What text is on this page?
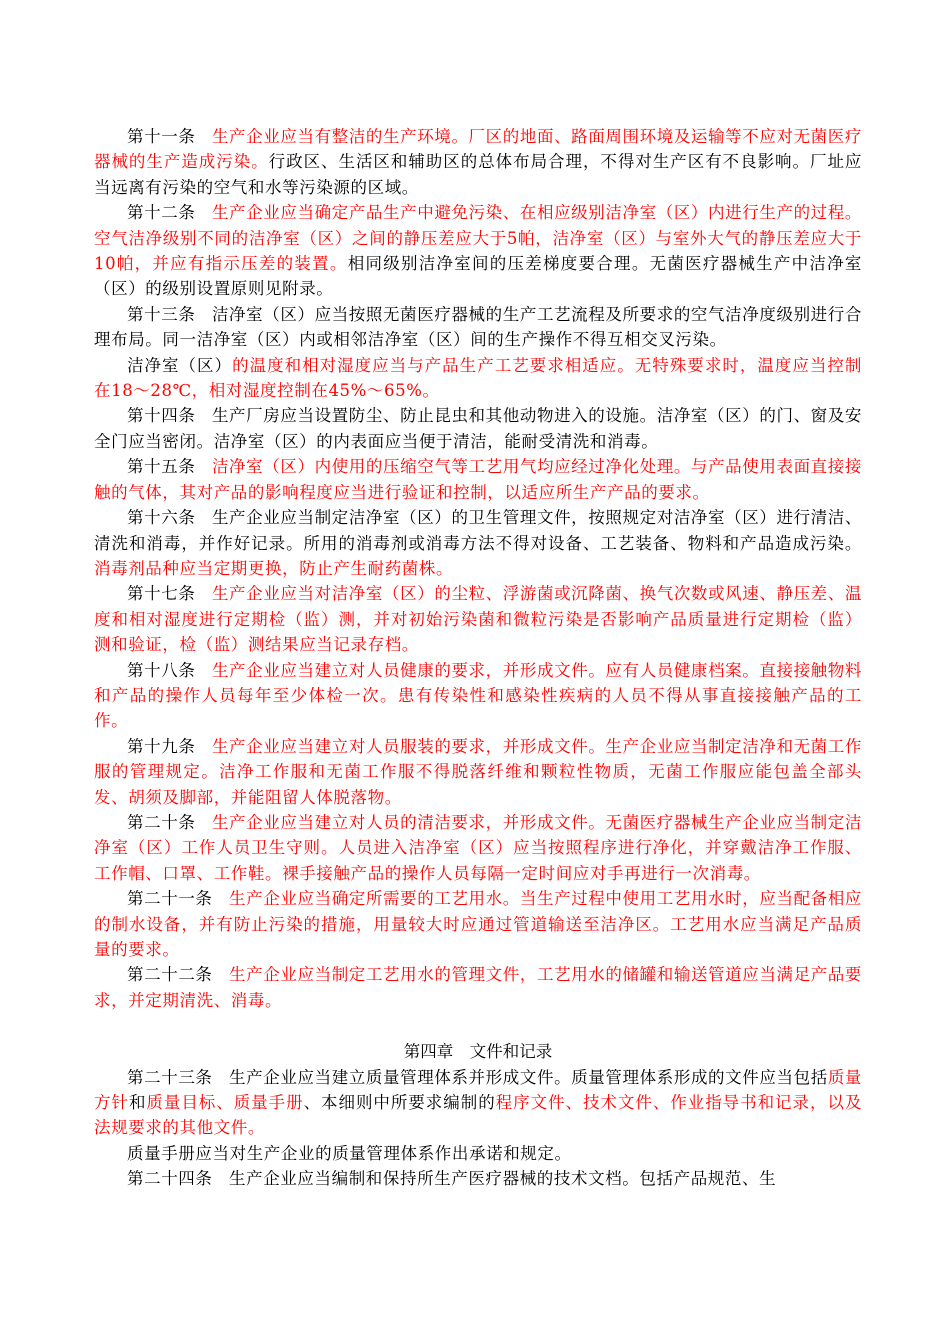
第十一条 生产企业应当有整洁的生产环境。厂区的地面、路面周围环境及运输等不应对无菌医疗器械的生产造成污染。行政区、生活区和辅助区的总体布局合理，不得对生产区有不良影响。厂址应当远离有污染的空气和水等污染源的区域。

第十二条 生产企业应当确定产品生产中避免污染、在相应级别洁净室（区）内进行生产的过程。空气洁净级别不同的洁净室（区）之间的静压差应大于5帕，洁净室（区）与室外大气的静压差应大于10帕，并应有指示压差的装置。相同级别洁净室间的压差梯度要合理。无菌医疗器械生产中洁净室（区）的级别设置原则见附录。

第十三条 洁净室（区）应当按照无菌医疗器械的生产工艺流程及所要求的空气洁净度级别进行合理布局。同一洁净室（区）内或相邻洁净室（区）间的生产操作不得互相交叉污染。

洁净室（区）的温度和相对湿度应当与产品生产工艺要求相适应。无特殊要求时，温度应当控制在18～28℃，相对湿度控制在45%～65%。

第十四条 生产厂房应当设置防尘、防止昆虫和其他动物进入的设施。洁净室（区）的门、窗及安全门应当密闭。洁净室（区）的内表面应当便于清洁，能耐受清洗和消毒。

第十五条 洁净室（区）内使用的压缩空气等工艺用气均应经过净化处理。与产品使用表面直接接触的气体，其对产品的影响程度应当进行验证和控制，以适应所生产产品的要求。

第十六条 生产企业应当制定洁净室（区）的卫生管理文件，按照规定对洁净室（区）进行清洁、清洗和消毒，并作好记录。所用的消毒剂或消毒方法不得对设备、工艺装备、物料和产品造成污染。消毒剂品种应当定期更换，防止产生耐药菌株。

第十七条 生产企业应当对洁净室（区）的尘粒、浮游菌或沉降菌、换气次数或风速、静压差、温度和相对湿度进行定期检（监）测，并对初始污染菌和微粒污染是否影响产品质量进行定期检（监）测和验证，检（监）测结果应当记录存档。

第十八条 生产企业应当建立对人员健康的要求，并形成文件。应有人员健康档案。直接接触物料和产品的操作人员每年至少体检一次。患有传染性和感染性疾病的人员不得从事直接接触产品的工作。

第十九条 生产企业应当建立对人员服装的要求，并形成文件。生产企业应当制定洁净和无菌工作服的管理规定。洁净工作服和无菌工作服不得脱落纤维和颗粒性物质，无菌工作服应能包盖全部头发、胡须及脚部，并能阻留人体脱落物。

第二十条 生产企业应当建立对人员的清洁要求，并形成文件。无菌医疗器械生产企业应当制定洁净室（区）工作人员卫生守则。人员进入洁净室（区）应当按照程序进行净化，并穿戴洁净工作服、工作帽、口罩、工作鞋。裸手接触产品的操作人员每隔一定时间应对手再进行一次消毒。

第二十一条 生产企业应当确定所需要的工艺用水。当生产过程中使用工艺用水时，应当配备相应的制水设备，并有防止污染的措施，用量较大时应通过管道输送至洁净区。工艺用水应当满足产品质量的要求。

第二十二条 生产企业应当制定工艺用水的管理文件，工艺用水的储罐和输送管道应当满足产品要求，并定期清洗、消毒。

第四章 文件和记录

第二十三条 生产企业应当建立质量管理体系并形成文件。质量管理体系形成的文件应当包括质量方针和质量目标、质量手册、本细则中所要求编制的程序文件、技术文件、作业指导书和记录，以及法规要求的其他文件。

质量手册应当对生产企业的质量管理体系作出承诺和规定。

第二十四条 生产企业应当编制和保持所生产医疗器械的技术文档。包括产品规范、生
